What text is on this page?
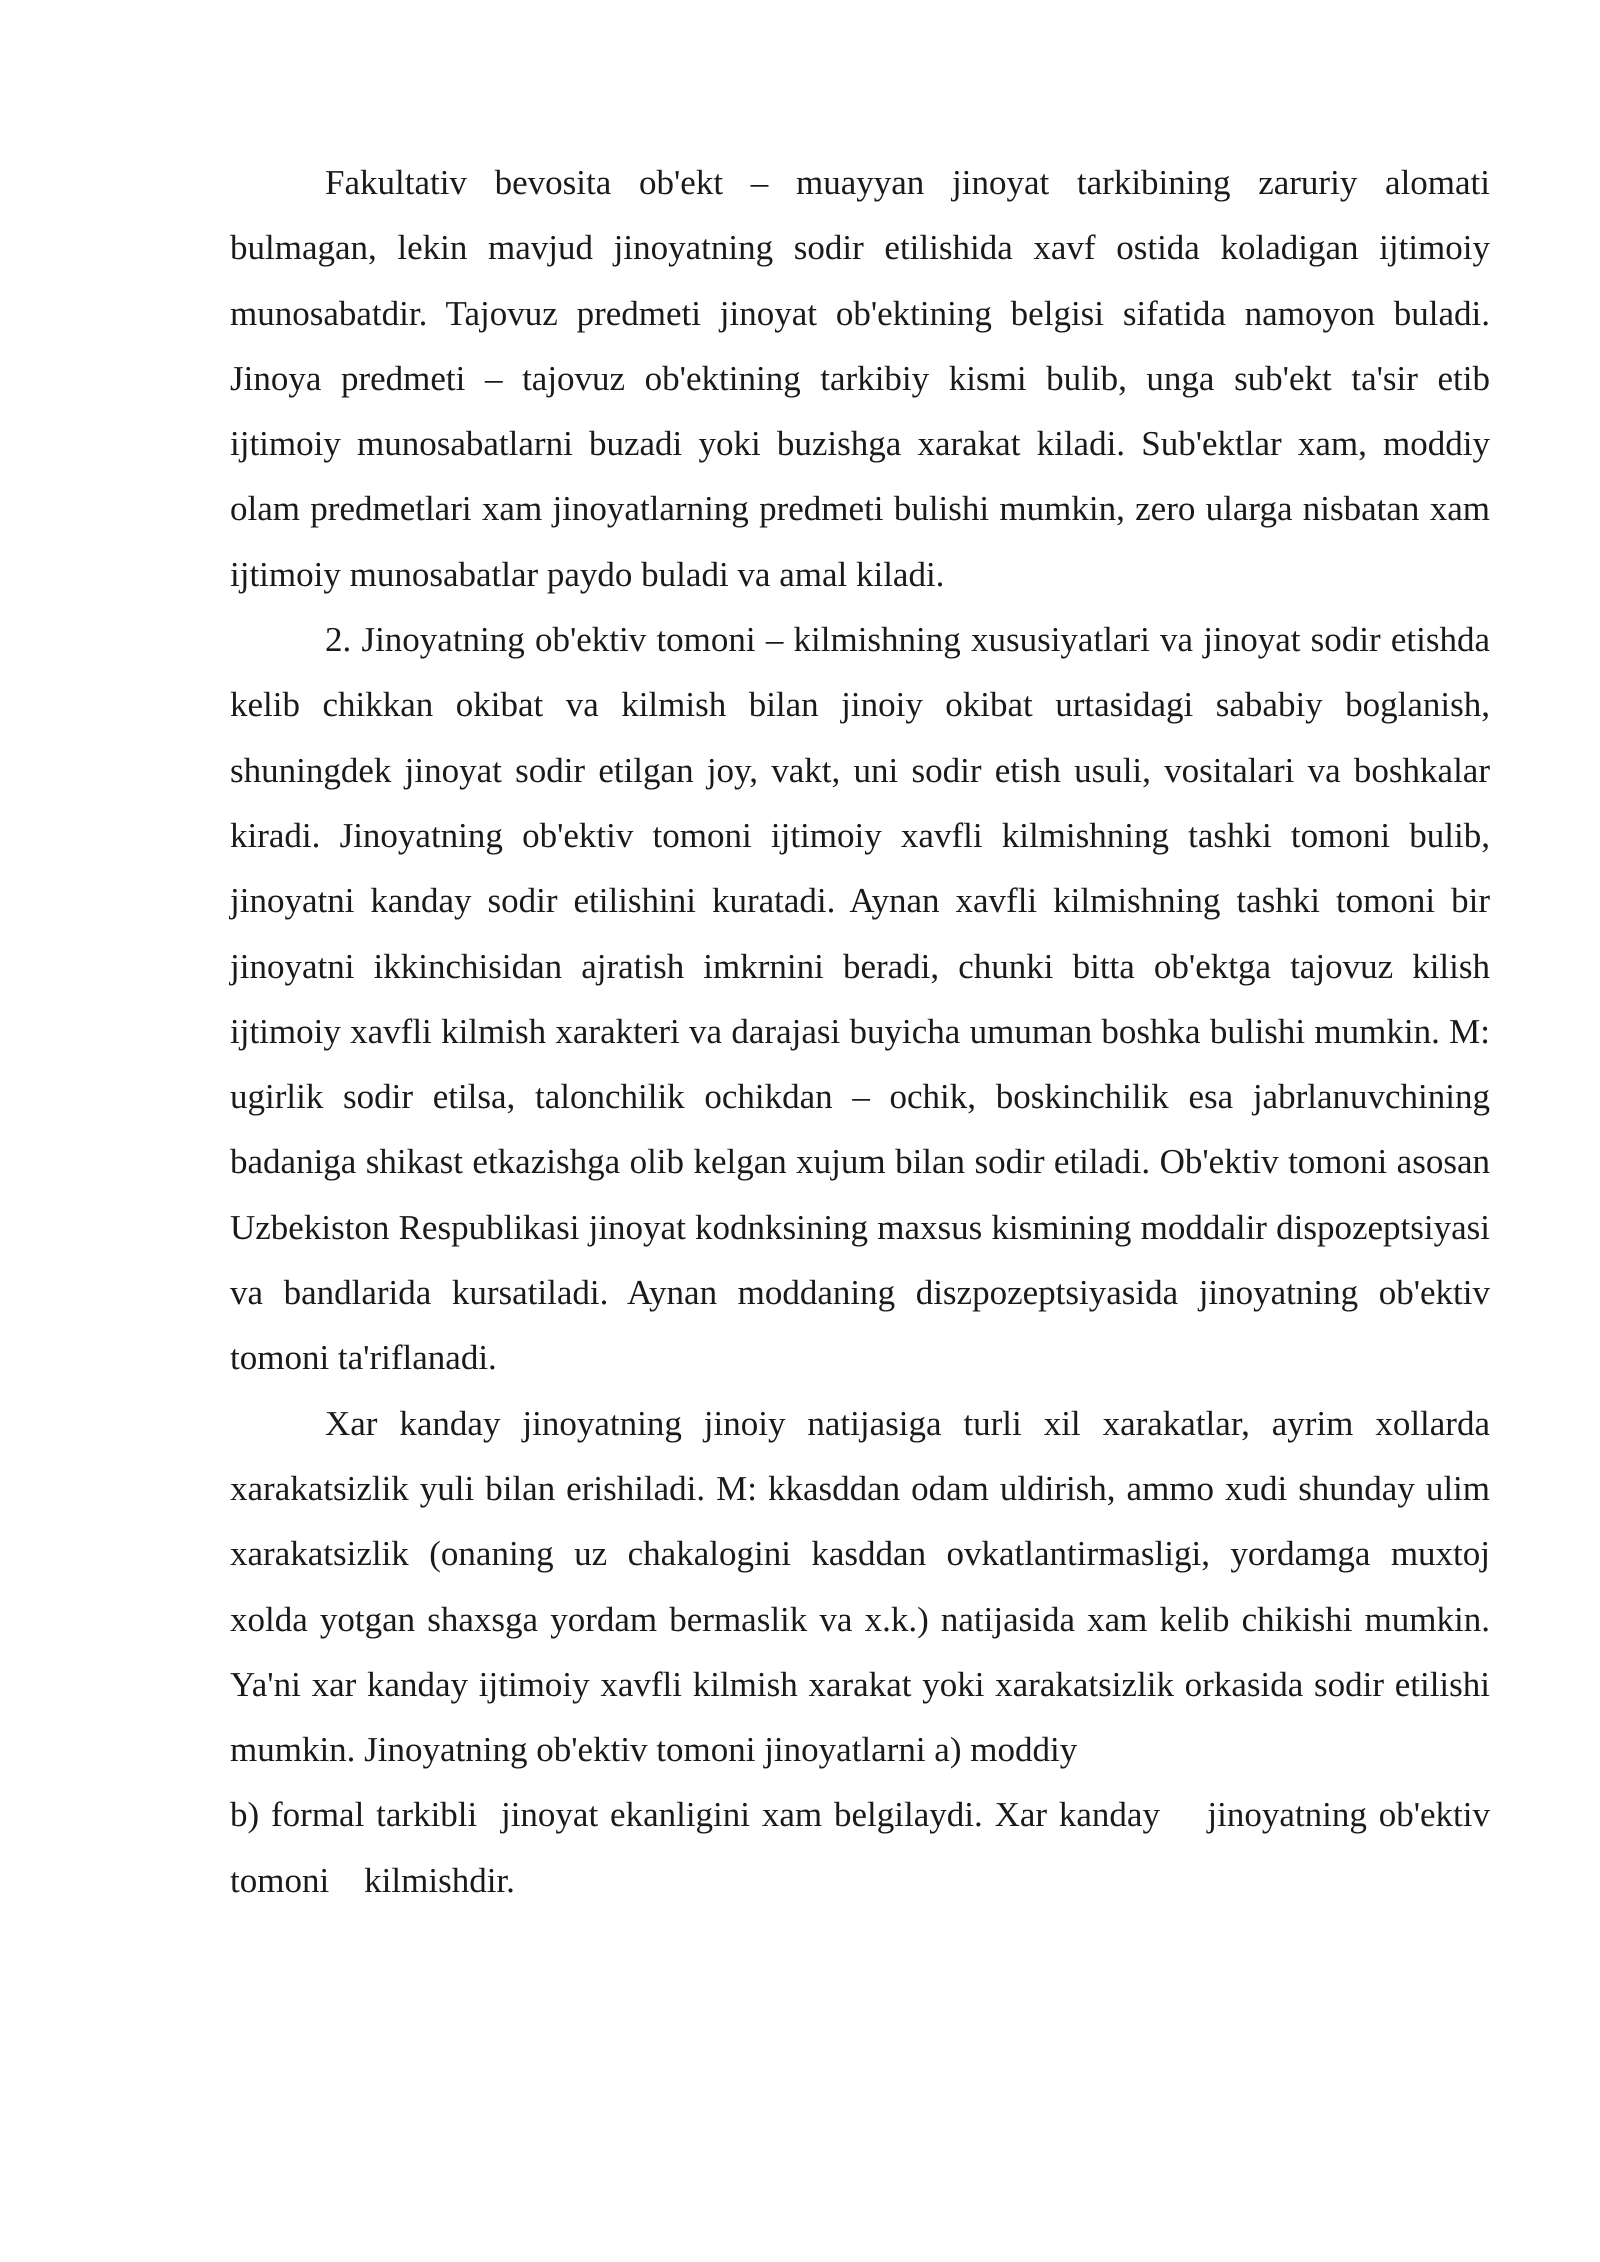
Fakultativ bevosita ob'ekt – muayyan jinoyat tarkibining zaruriy alomati bulmagan, lekin mavjud jinoyatning sodir etilishida xavf ostida koladigan ijtimoiy munosabatdir. Tajovuz predmeti jinoyat ob'ektining belgisi sifatida namoyon buladi. Jinoya predmeti – tajovuz ob'ektining tarkibiy kismi bulib, unga sub'ekt ta'sir etib ijtimoiy munosabatlarni buzadi yoki buzishga xarakat kiladi. Sub'ektlar xam, moddiy olam predmetlari xam jinoyatlarning predmeti bulishi mumkin, zero ularga nisbatan xam ijtimoiy munosabatlar paydo buladi va amal kiladi.

2. Jinoyatning ob'ektiv tomoni – kilmishning xususiyatlari va jinoyat sodir etishda kelib chikkan okibat va kilmish bilan jinoiy okibat urtasidagi sababiy boglanish, shuningdek jinoyat sodir etilgan joy, vakt, uni sodir etish usuli, vositalari va boshkalar kiradi. Jinoyatning ob'ektiv tomoni ijtimoiy xavfli kilmishning tashki tomoni bulib, jinoyatni kanday sodir etilishini kuratadi. Aynan xavfli kilmishning tashki tomoni bir jinoyatni ikkinchisidan ajratish imkrnini beradi, chunki bitta ob'ektga tajovuz kilish ijtimoiy xavfli kilmish xarakteri va darajasi buyicha umuman boshka bulishi mumkin. M: ugirlik sodir etilsa, talonchilik ochikdan – ochik, boskinchilik esa jabrlanuvchining badaniga shikast etkazishga olib kelgan xujum bilan sodir etiladi. Ob'ektiv tomoni asosan Uzbekiston Respublikasi jinoyat kodnksining maxsus kismining moddalir dispozeptsiyasi va bandlarida kursatiladi. Aynan moddaning diszpozeptsiyasida jinoyatning ob'ektiv tomoni ta'riflanadi.

Xar kanday jinoyatning jinoiy natijasiga turli xil xarakatlar, ayrim xollarda xarakatsizlik yuli bilan erishiladi. M: kkasddan odam uldirish, ammo xudi shunday ulim xarakatsizlik (onaning uz chakalogini kasddan ovkatlantirmasligi, yordamga muxtoj xolda yotgan shaxsga yordam bermaslik va x.k.) natijasida xam kelib chikishi mumkin. Ya'ni xar kanday ijtimoiy xavfli kilmish xarakat yoki xarakatsizlik orkasida sodir etilishi mumkin. Jinoyatning ob'ektiv tomoni jinoyatlarni a) moddiy

b) formal tarkibli  jinoyat ekanligini xam belgilaydi. Xar kanday    jinoyatning ob'ektiv    tomoni    kilmishdir.
